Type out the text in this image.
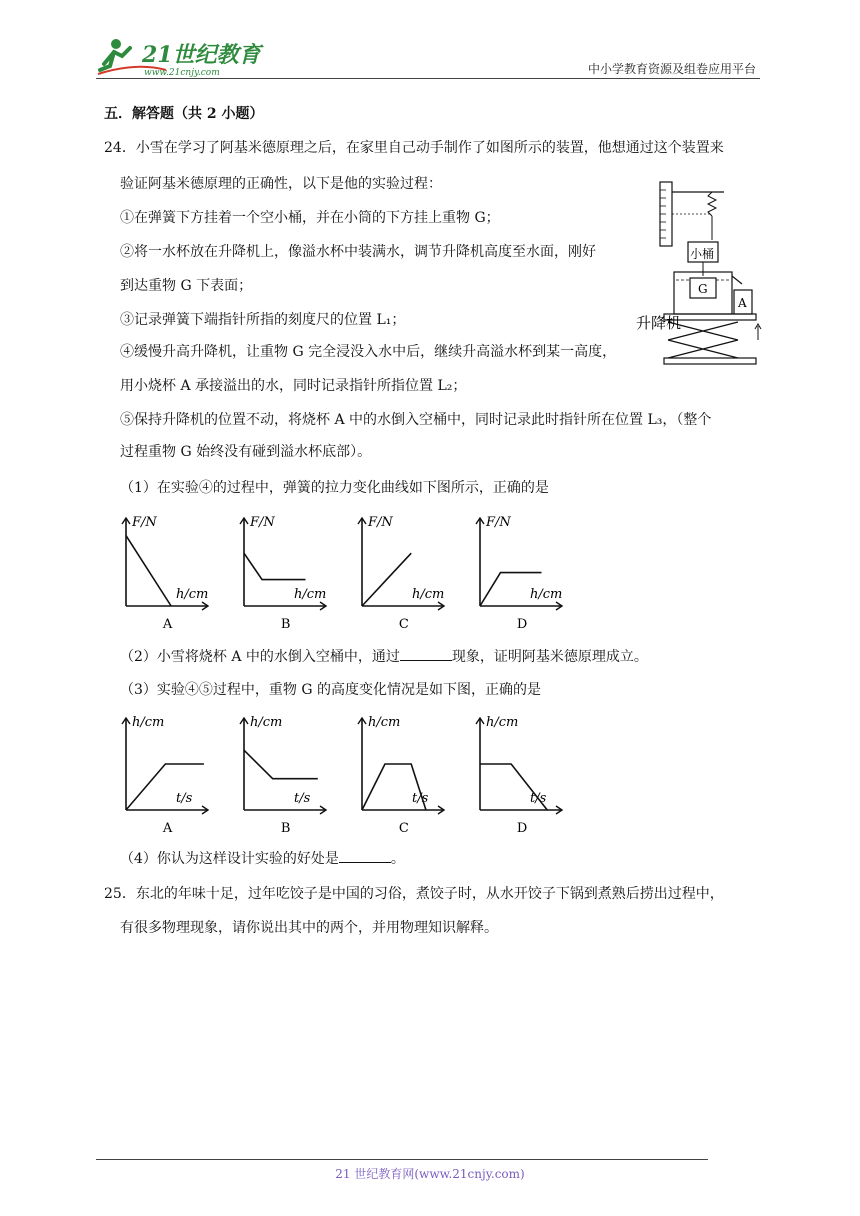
21世纪教育
www.21cnjy.com	中小学教育资源及组卷应用平台
五．解答题（共 2 小题）
24．小雪在学习了阿基米德原理之后，在家里自己动手制作了如图所示的装置，他想通过这个装置来
验证阿基米德原理的正确性，以下是他的实验过程：
①在弹簧下方挂着一个空小桶，并在小筒的下方挂上重物 G；
②将一水杯放在升降机上，像溢水杯中装满水，调节升降机高度至水面，刚好
到达重物 G 下表面；
③记录弹簧下端指针所指的刻度尺的位置 L₁；
④缓慢升高升降机，让重物 G 完全浸没入水中后，继续升高溢水杯到某一高度，
用小烧杯 A 承接溢出的水，同时记录指针所指位置 L₂；
⑤保持升降机的位置不动，将烧杯 A 中的水倒入空桶中，同时记录此时指针所在位置 L₃，（整个
过程重物 G 始终没有碰到溢水杯底部）。
（1）在实验④的过程中，弹簧的拉力变化曲线如下图所示，正确的是
小桶
G
A
升降机
F/N
h/cm
A
F/N
h/cm
B
F/N
h/cm
C
F/N
h/cm
D
（2）小雪将烧杯 A 中的水倒入空桶中，通过	现象，证明阿基米德原理成立。
（3）实验④⑤过程中，重物 G 的高度变化情况是如下图，正确的是
h/cm
t/s
A
h/cm
t/s
B
h/cm
t/s
C
h/cm
t/s
D
（4）你认为这样设计实验的好处是	。
25．东北的年味十足，过年吃饺子是中国的习俗，煮饺子时，从水开饺子下锅到煮熟后捞出过程中，
有很多物理现象，请你说出其中的两个，并用物理知识解释。
21 世纪教育网(www.21cnjy.com)
